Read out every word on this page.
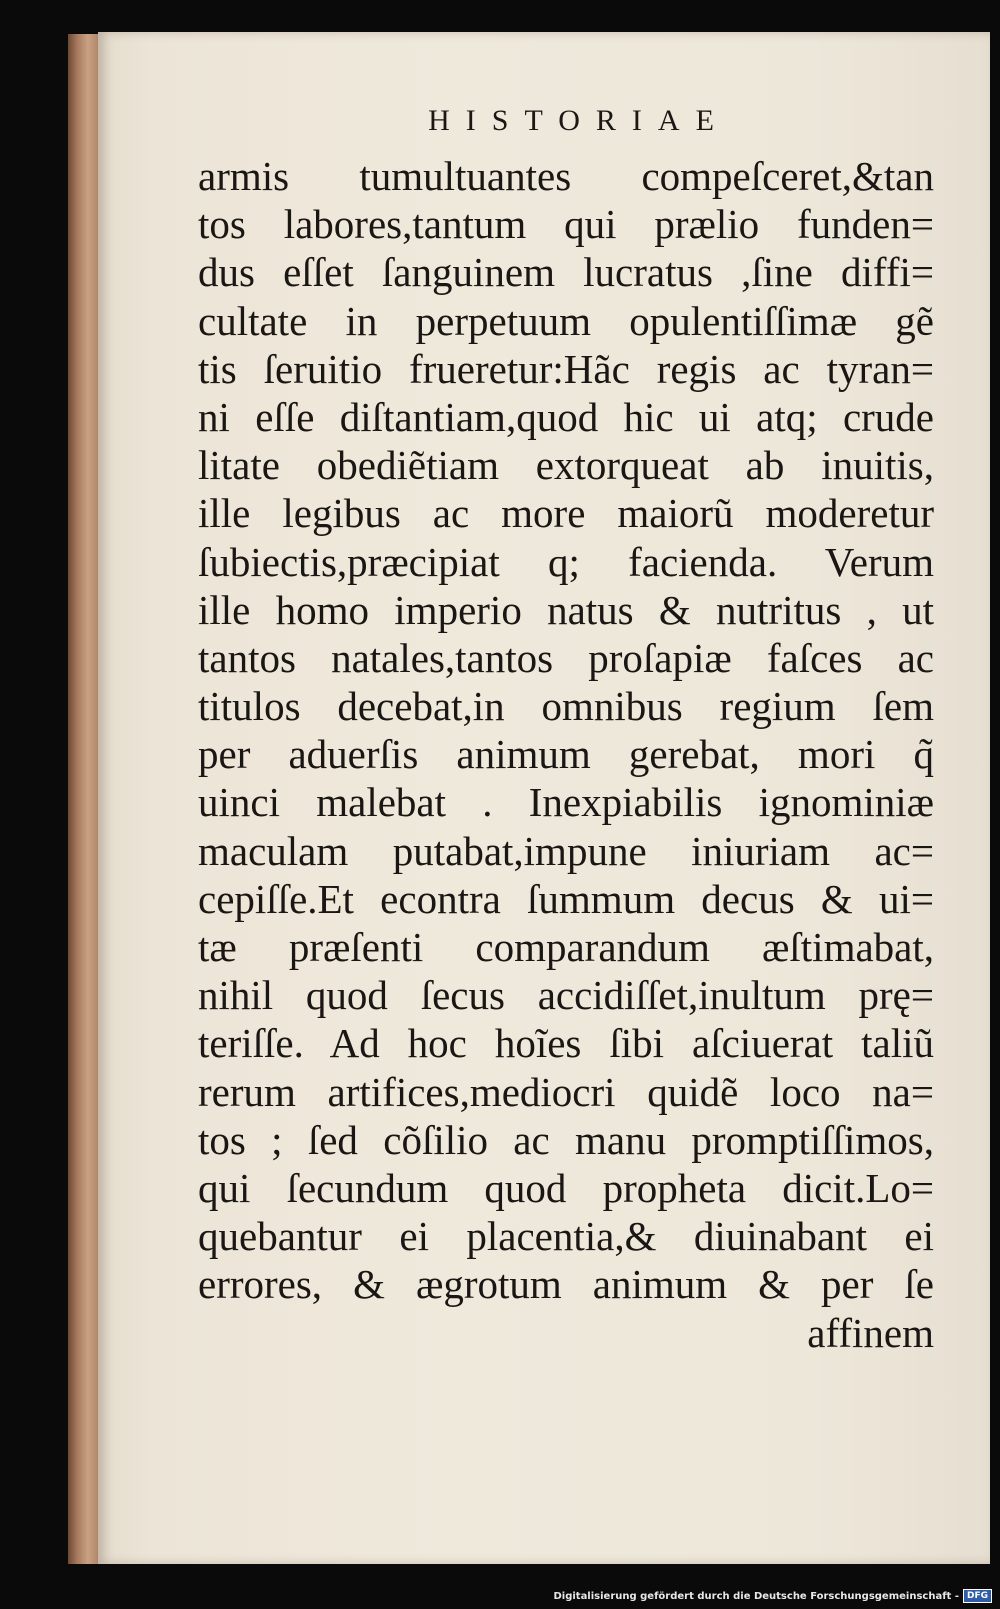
HISTORIAE
armis tumultuantes compeſceret,&tan
tos labores,tantum qui prælio funden=
dus eſſet ſanguinem lucratus ,ſine diffi=
cultate in perpetuum opulentiſſimæ gẽ
tis ſeruitio frueretur:Hãc regis ac tyran=
ni eſſe diſtantiam,quod hic ui atq; crude
litate obediẽtiam extorqueat ab inuitis,
ille legibus ac more maiorũ moderetur
ſubiectis,præcipiat q; facienda. Verum
ille homo imperio natus & nutritus , ut
tantos natales,tantos proſapiæ faſces ac
titulos decebat,in omnibus regium ſem
per aduerſis animum gerebat, mori q̃
uinci malebat . Inexpiabilis ignominiæ
maculam putabat,impune iniuriam ac=
cepiſſe.Et econtra ſummum decus & ui=
tæ præſenti comparandum æſtimabat,
nihil quod ſecus accidiſſet,inultum prę=
teriſſe. Ad hoc hoĩes ſibi aſciuerat taliũ
rerum artifices,mediocri quidẽ loco na=
tos ; ſed cõſilio ac manu promptiſſimos,
qui ſecundum quod propheta dicit.Lo=
quebantur ei placentia,& diuinabant ei
errores, & ægrotum animum & per ſe
affinem
Digitalisierung gefördert durch die Deutsche Forschungsgemeinschaft - DFG
